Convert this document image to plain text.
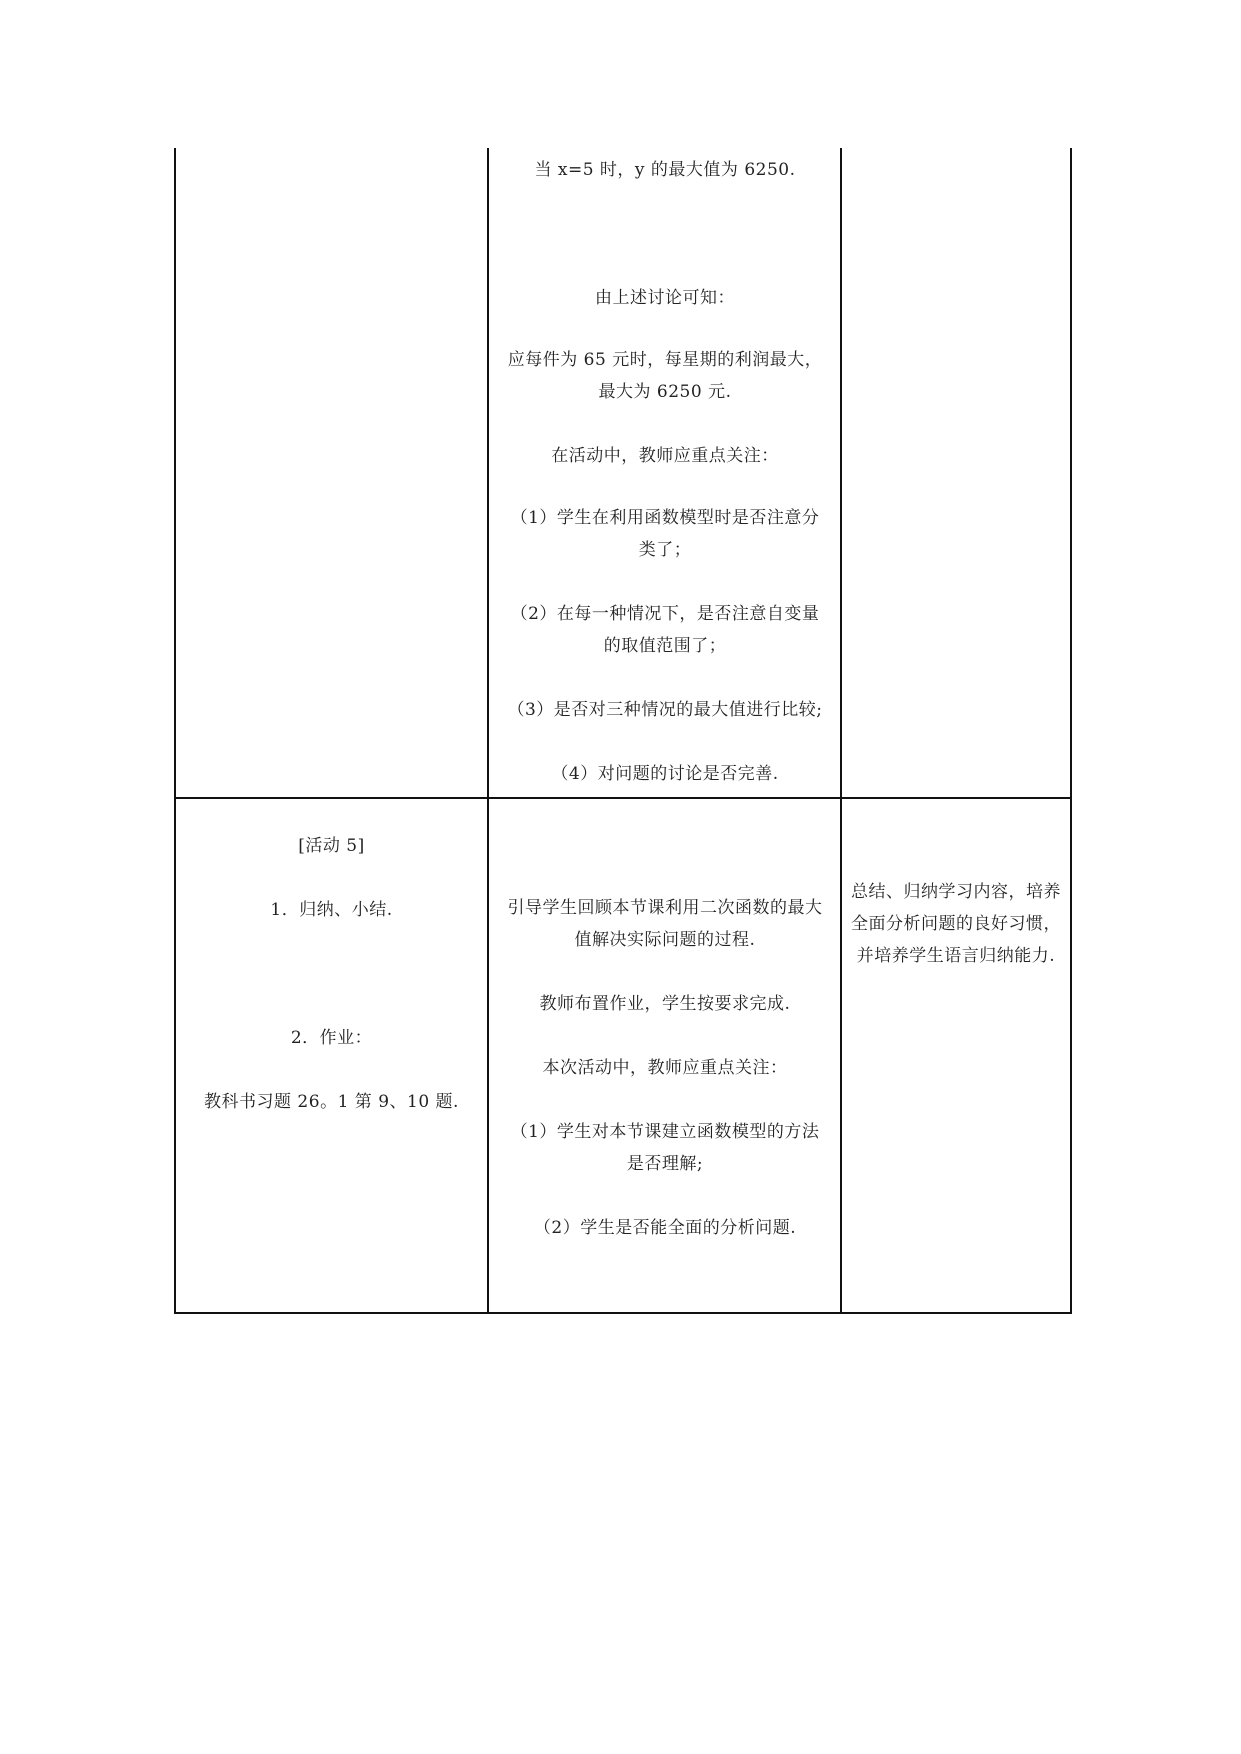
当 x=5 时，y 的最大值为 6250.

由上述讨论可知：

应每件为 65 元时，每星期的利润最大，最大为 6250 元.

在活动中，教师应重点关注：

（1）学生在利用函数模型时是否注意分类了；

（2）在每一种情况下，是否注意自变量的取值范围了；

（3）是否对三种情况的最大值进行比较;

（4）对问题的讨论是否完善.

[活动 5]

1．归纳、小结.

2．作业：

教科书习题 26。1 第 9、10 题.

引导学生回顾本节课利用二次函数的最大值解决实际问题的过程.

教师布置作业，学生按要求完成.

本次活动中，教师应重点关注：

（1）学生对本节课建立函数模型的方法是否理解;

（2）学生是否能全面的分析问题.

总结、归纳学习内容，培养全面分析问题的良好习惯，并培养学生语言归纳能力.
